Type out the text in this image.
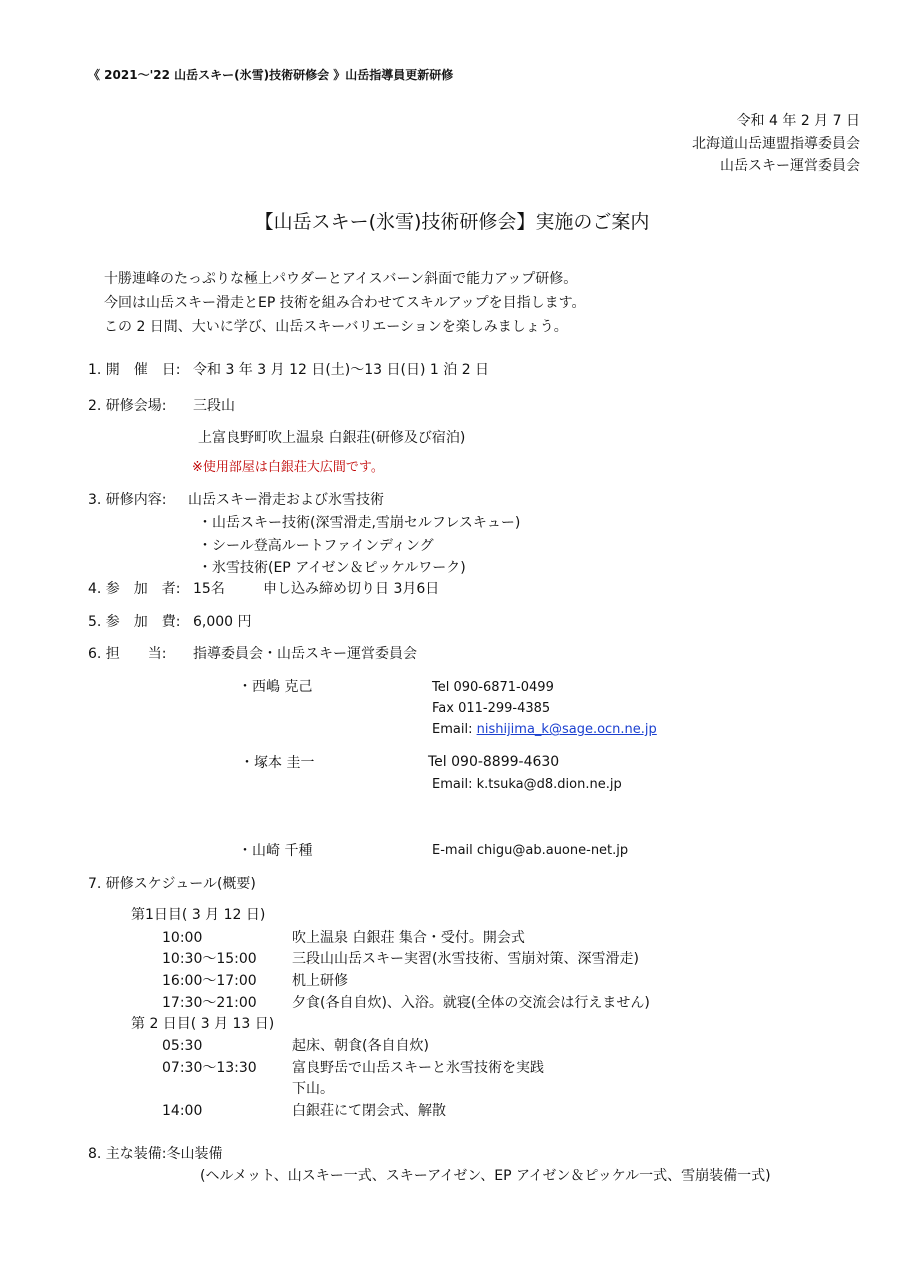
《 2021～'22 山岳スキー(氷雪)技術研修会 》山岳指導員更新研修
令和 4 年 2 月 7 日
北海道山岳連盟指導委員会
山岳スキー運営委員会
【山岳スキー(氷雪)技術研修会】実施のご案内
十勝連峰のたっぷりな極上パウダーとアイスバーン斜面で能力アップ研修。
今回は山岳スキー滑走とEP 技術を組み合わせてスキルアップを目指します。
この 2 日間、大いに学び、山岳スキーバリエーションを楽しみましょう。
1. 開　催　日: 令和 3 年 3 月 12 日(土)～13 日(日) 1 泊 2 日
2. 研修会場: 三段山
上富良野町吹上温泉 白銀荘(研修及び宿泊)
※使用部屋は白銀荘大広間です。
3. 研修内容: 山岳スキー滑走および氷雪技術
・山岳スキー技術(深雪滑走,雪崩セルフレスキュー)
・シール登高ルートファインディング
・氷雪技術(EP アイゼン＆ピッケルワーク)
4. 参　加　者: 15名	申し込み締め切り日 3月6日
5. 参　加　費: 6,000 円
6. 担　　当: 指導委員会・山岳スキー運営委員会
・西嶋 克己	Tel 090-6871-0499
Fax 011-299-4385
Email: nishijima_k@sage.ocn.ne.jp
・塚本 圭一	Tel 090-8899-4630
Email: k.tsuka@d8.dion.ne.jp
・山崎 千種	E-mail chigu@ab.auone-net.jp
7. 研修スケジュール(概要)
第1日目( 3 月 12 日)
10:00	吹上温泉 白銀荘 集合・受付。開会式
10:30～15:00	三段山山岳スキー実習(氷雪技術、雪崩対策、深雪滑走)
16:00～17:00	机上研修
17:30～21:00	夕食(各自自炊)、入浴。就寝(全体の交流会は行えません)
第 2 日目( 3 月 13 日)
05:30	起床、朝食(各自自炊)
07:30～13:30	富良野岳で山岳スキーと氷雪技術を実践
下山。
14:00	白銀荘にて閉会式、解散
8. 主な装備:冬山装備
(ヘルメット、山スキー一式、スキーアイゼン、EP アイゼン＆ピッケル一式、雪崩装備一式)
